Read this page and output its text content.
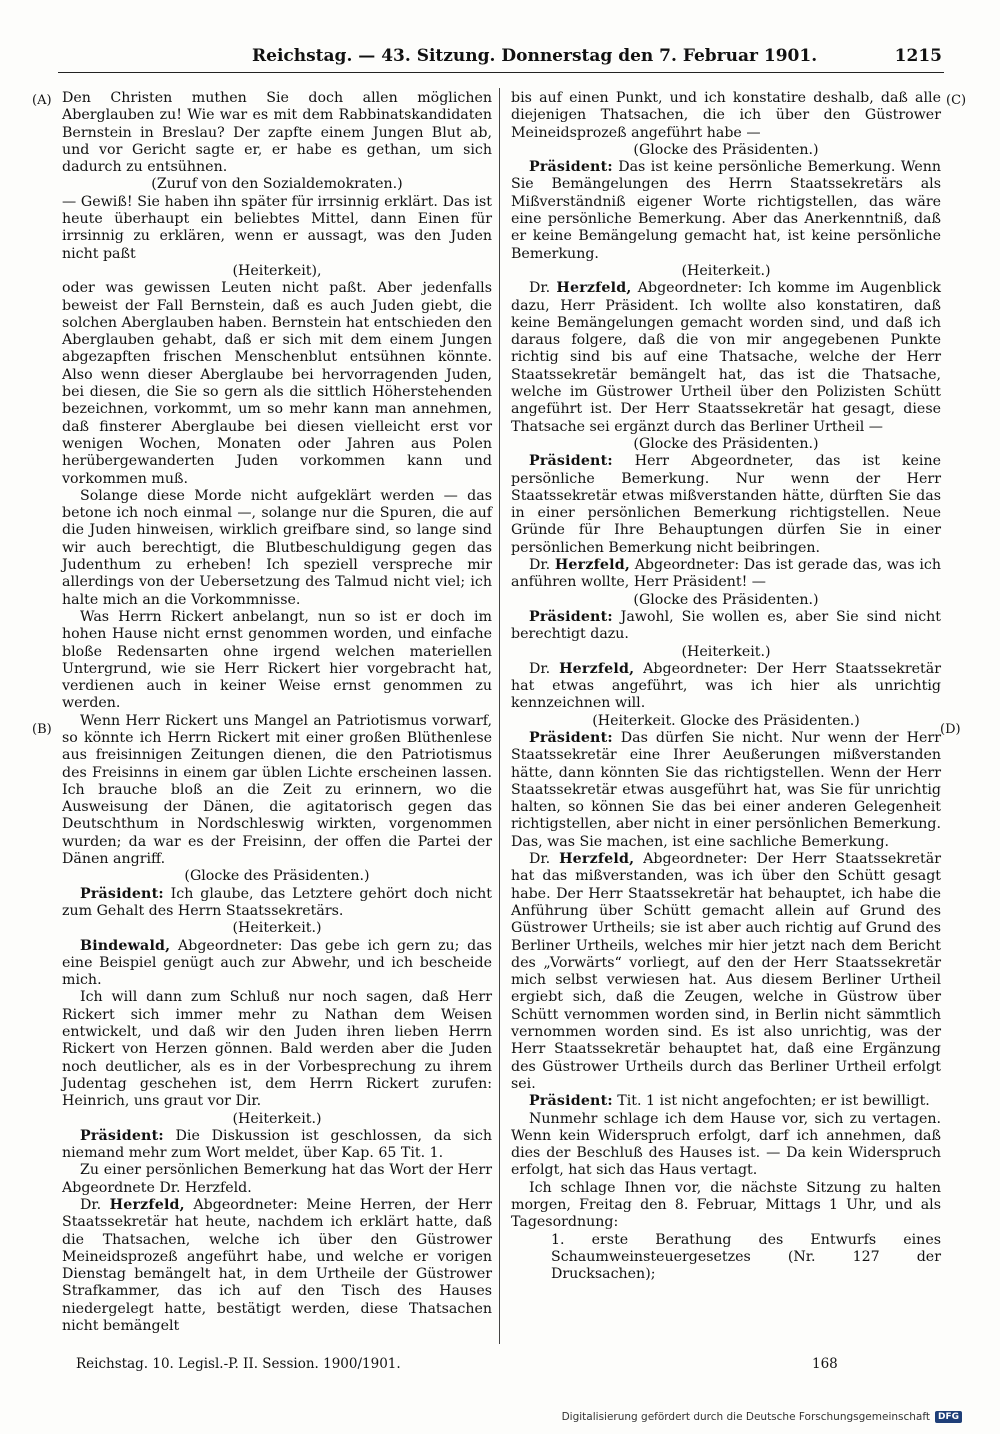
Reichstag. — 43. Sitzung. Donnerstag den 7. Februar 1901.	1215
(A)
(B)
(C)
(D)

Den Christen muthen Sie doch allen möglichen Aberglauben zu! Wie war es mit dem Rabbinatskandidaten Bernstein in Breslau? Der zapfte einem Jungen Blut ab, und vor Gericht sagte er, er habe es gethan, um sich dadurch zu entsühnen.

(Zuruf von den Sozialdemokraten.)

— Gewiß! Sie haben ihn später für irrsinnig erklärt. Das ist heute überhaupt ein beliebtes Mittel, dann Einen für irrsinnig zu erklären, wenn er aussagt, was den Juden nicht paßt

(Heiterkeit),

oder was gewissen Leuten nicht paßt. Aber jedenfalls beweist der Fall Bernstein, daß es auch Juden giebt, die solchen Aberglauben haben. Bernstein hat entschieden den Aberglauben gehabt, daß er sich mit dem einem Jungen abgezapften frischen Menschenblut entsühnen könnte. Also wenn dieser Aberglaube bei hervorragenden Juden, bei diesen, die Sie so gern als die sittlich Höherstehenden bezeichnen, vorkommt, um so mehr kann man annehmen, daß finsterer Aberglaube bei diesen vielleicht erst vor wenigen Wochen, Monaten oder Jahren aus Polen herübergewanderten Juden vorkommen kann und vorkommen muß.

Solange diese Morde nicht aufgeklärt werden — das betone ich noch einmal —, solange nur die Spuren, die auf die Juden hinweisen, wirklich greifbare sind, so lange sind wir auch berechtigt, die Blutbeschuldigung gegen das Judenthum zu erheben! Ich speziell verspreche mir allerdings von der Uebersetzung des Talmud nicht viel; ich halte mich an die Vorkommnisse.

Was Herrn Rickert anbelangt, nun so ist er doch im hohen Hause nicht ernst genommen worden, und einfache bloße Redensarten ohne irgend welchen materiellen Untergrund, wie sie Herr Rickert hier vorgebracht hat, verdienen auch in keiner Weise ernst genommen zu werden.

Wenn Herr Rickert uns Mangel an Patriotismus vorwarf, so könnte ich Herrn Rickert mit einer großen Blüthenlese aus freisinnigen Zeitungen dienen, die den Patriotismus des Freisinns in einem gar üblen Lichte erscheinen lassen. Ich brauche bloß an die Zeit zu erinnern, wo die Ausweisung der Dänen, die agitatorisch gegen das Deutschthum in Nordschleswig wirkten, vorgenommen wurden; da war es der Freisinn, der offen die Partei der Dänen angriff.

(Glocke des Präsidenten.)

Präsident: Ich glaube, das Letztere gehört doch nicht zum Gehalt des Herrn Staatssekretärs.

(Heiterkeit.)

Bindewald, Abgeordneter: Das gebe ich gern zu; das eine Beispiel genügt auch zur Abwehr, und ich bescheide mich.

Ich will dann zum Schluß nur noch sagen, daß Herr Rickert sich immer mehr zu Nathan dem Weisen entwickelt, und daß wir den Juden ihren lieben Herrn Rickert von Herzen gönnen. Bald werden aber die Juden noch deutlicher, als es in der Vorbesprechung zu ihrem Judentag geschehen ist, dem Herrn Rickert zurufen: Heinrich, uns graut vor Dir.

(Heiterkeit.)

Präsident: Die Diskussion ist geschlossen, da sich niemand mehr zum Wort meldet, über Kap. 65 Tit. 1.

Zu einer persönlichen Bemerkung hat das Wort der Herr Abgeordnete Dr. Herzfeld.

Dr. Herzfeld, Abgeordneter: Meine Herren, der Herr Staatssekretär hat heute, nachdem ich erklärt hatte, daß die Thatsachen, welche ich über den Güstrower Meineidsprozeß angeführt habe, und welche er vorigen Dienstag bemängelt hat, in dem Urtheile der Güstrower Strafkammer, das ich auf den Tisch des Hauses niedergelegt hatte, bestätigt werden, diese Thatsachen nicht bemängelt

bis auf einen Punkt, und ich konstatire deshalb, daß alle diejenigen Thatsachen, die ich über den Güstrower Meineidsprozeß angeführt habe —

(Glocke des Präsidenten.)

Präsident: Das ist keine persönliche Bemerkung. Wenn Sie Bemängelungen des Herrn Staatssekretärs als Mißverständniß eigener Worte richtigstellen, das wäre eine persönliche Bemerkung. Aber das Anerkenntniß, daß er keine Bemängelung gemacht hat, ist keine persönliche Bemerkung.

(Heiterkeit.)

Dr. Herzfeld, Abgeordneter: Ich komme im Augenblick dazu, Herr Präsident. Ich wollte also konstatiren, daß keine Bemängelungen gemacht worden sind, und daß ich daraus folgere, daß die von mir angegebenen Punkte richtig sind bis auf eine Thatsache, welche der Herr Staatssekretär bemängelt hat, das ist die Thatsache, welche im Güstrower Urtheil über den Polizisten Schütt angeführt ist. Der Herr Staatssekretär hat gesagt, diese Thatsache sei ergänzt durch das Berliner Urtheil —

(Glocke des Präsidenten.)

Präsident: Herr Abgeordneter, das ist keine persönliche Bemerkung. Nur wenn der Herr Staatssekretär etwas mißverstanden hätte, dürften Sie das in einer persönlichen Bemerkung richtigstellen. Neue Gründe für Ihre Behauptungen dürfen Sie in einer persönlichen Bemerkung nicht beibringen.

Dr. Herzfeld, Abgeordneter: Das ist gerade das, was ich anführen wollte, Herr Präsident! —

(Glocke des Präsidenten.)

Präsident: Jawohl, Sie wollen es, aber Sie sind nicht berechtigt dazu.

(Heiterkeit.)

Dr. Herzfeld, Abgeordneter: Der Herr Staatssekretär hat etwas angeführt, was ich hier als unrichtig kennzeichnen will.

(Heiterkeit. Glocke des Präsidenten.)

Präsident: Das dürfen Sie nicht. Nur wenn der Herr Staatssekretär eine Ihrer Aeußerungen mißverstanden hätte, dann könnten Sie das richtigstellen. Wenn der Herr Staatssekretär etwas ausgeführt hat, was Sie für unrichtig halten, so können Sie das bei einer anderen Gelegenheit richtigstellen, aber nicht in einer persönlichen Bemerkung. Das, was Sie machen, ist eine sachliche Bemerkung.

Dr. Herzfeld, Abgeordneter: Der Herr Staatssekretär hat das mißverstanden, was ich über den Schütt gesagt habe. Der Herr Staatssekretär hat behauptet, ich habe die Anführung über Schütt gemacht allein auf Grund des Güstrower Urtheils; sie ist aber auch richtig auf Grund des Berliner Urtheils, welches mir hier jetzt nach dem Bericht des „Vorwärts“ vorliegt, auf den der Herr Staatssekretär mich selbst verwiesen hat. Aus diesem Berliner Urtheil ergiebt sich, daß die Zeugen, welche in Güstrow über Schütt vernommen worden sind, in Berlin nicht sämmtlich vernommen worden sind. Es ist also unrichtig, was der Herr Staatssekretär behauptet hat, daß eine Ergänzung des Güstrower Urtheils durch das Berliner Urtheil erfolgt sei.

Präsident: Tit. 1 ist nicht angefochten; er ist bewilligt.

Nunmehr schlage ich dem Hause vor, sich zu vertagen. Wenn kein Widerspruch erfolgt, darf ich annehmen, daß dies der Beschluß des Hauses ist. — Da kein Widerspruch erfolgt, hat sich das Haus vertagt.

Ich schlage Ihnen vor, die nächste Sitzung zu halten morgen, Freitag den 8. Februar, Mittags 1 Uhr, und als Tagesordnung:

1. erste Berathung des Entwurfs eines Schaumweinsteuergesetzes (Nr. 127 der Drucksachen);

Reichstag. 10. Legisl.-P. II. Session. 1900/1901.	168
Digitalisierung gefördert durch die Deutsche Forschungsgemeinschaft DFG
